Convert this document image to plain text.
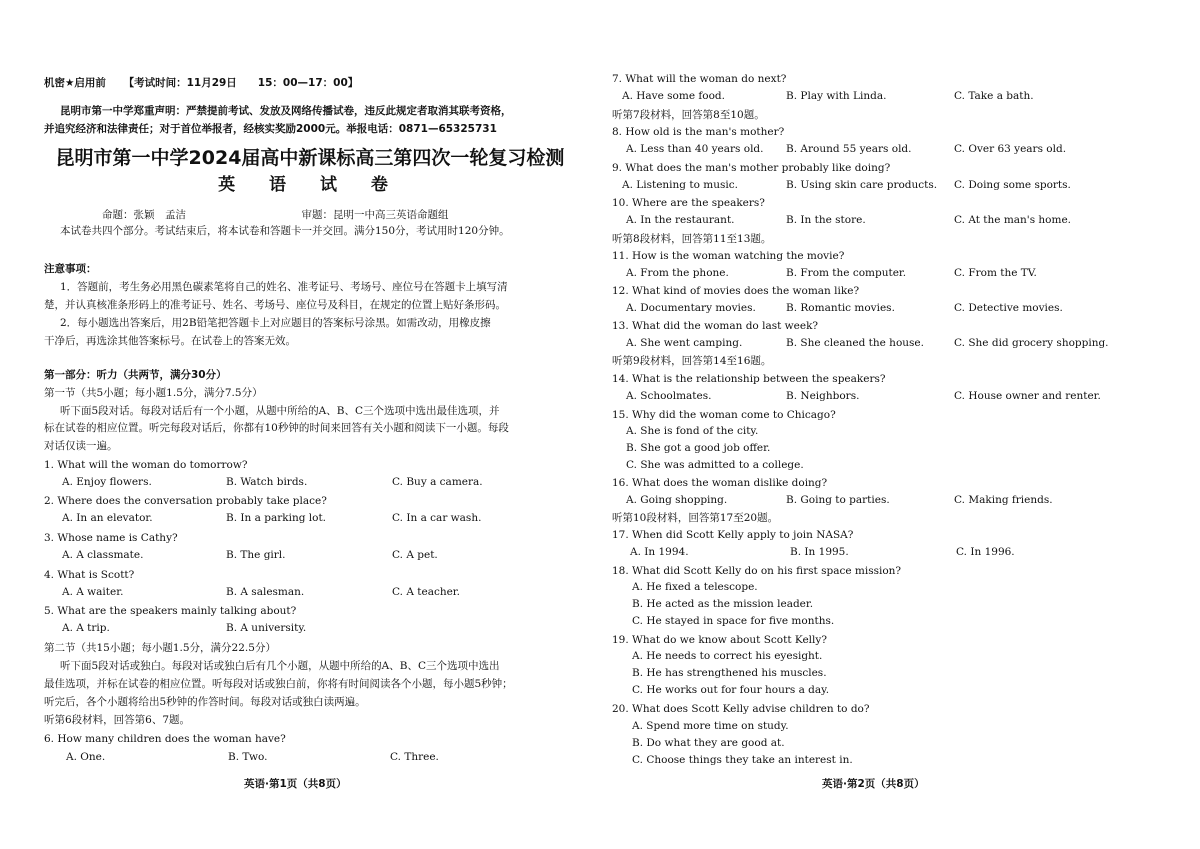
机密★启用前 【考试时间：11月29日　　15：00—17：00】
昆明市第一中学郑重声明：严禁提前考试、发放及网络传播试卷，违反此规定者取消其联考资格，
并追究经济和法律责任；对于首位举报者，经核实奖励2000元。举报电话：0871—65325731
昆明市第一中学2024届高中新课标高三第四次一轮复习检测
英 语 试 卷
命题：张颖　孟洁　　　　　　　　　　　审题：昆明一中高三英语命题组
本试卷共四个部分。考试结束后，将本试卷和答题卡一并交回。满分150分，考试用时120分钟。
注意事项：
1．答题前，考生务必用黑色碳素笔将自己的姓名、准考证号、考场号、座位号在答题卡上填写清
楚，并认真核准条形码上的准考证号、姓名、考场号、座位号及科目，在规定的位置上贴好条形码。
2．每小题选出答案后，用2B铅笔把答题卡上对应题目的答案标号涂黑。如需改动，用橡皮擦
干净后，再选涂其他答案标号。在试卷上的答案无效。
第一部分：听力（共两节，满分30分）
第一节（共5小题；每小题1.5分，满分7.5分）
听下面5段对话。每段对话后有一个小题，从题中所给的A、B、C三个选项中选出最佳选项，并
标在试卷的相应位置。听完每段对话后，你都有10秒钟的时间来回答有关小题和阅读下一小题。每段
对话仅读一遍。
1. What will the woman do tomorrow?
A. Enjoy flowers.	B. Watch birds.	C. Buy a camera.
2. Where does the conversation probably take place?
A. In an elevator.	B. In a parking lot.	C. In a car wash.
3. Whose name is Cathy?
A. A classmate.	B. The girl.	C. A pet.
4. What is Scott?
A. A waiter.	B. A salesman.	C. A teacher.
5. What are the speakers mainly talking about?
A. A trip.	B. A university.
第二节（共15小题；每小题1.5分，满分22.5分）
听下面5段对话或独白。每段对话或独白后有几个小题，从题中所给的A、B、C三个选项中选出
最佳选项，并标在试卷的相应位置。听每段对话或独白前，你将有时间阅读各个小题，每小题5秒钟；
听完后，各个小题将给出5秒钟的作答时间。每段对话或独白读两遍。
听第6段材料，回答第6、7题。
6. How many children does the woman have?
A. One.	B. Two.	C. Three.
英语·第1页（共8页）
7. What will the woman do next?
A. Have some food.	B. Play with Linda.	C. Take a bath.
听第7段材料，回答第8至10题。
8. How old is the man's mother?
A. Less than 40 years old. B. Around 55 years old.	C. Over 63 years old.
9. What does the man's mother probably like doing?
A. Listening to music.	B. Using skin care products. C. Doing some sports.
10. Where are the speakers?
A. In the restaurant.	B. In the store.	C. At the man's home.
听第8段材料，回答第11至13题。
11. How is the woman watching the movie?
A. From the phone.	B. From the computer.	C. From the TV.
12. What kind of movies does the woman like?
A. Documentary movies.	B. Romantic movies.	C. Detective movies.
13. What did the woman do last week?
A. She went camping.	B. She cleaned the house.	C. She did grocery shopping.
听第9段材料，回答第14至16题。
14. What is the relationship between the speakers?
A. Schoolmates.	B. Neighbors.	C. House owner and renter.
15. Why did the woman come to Chicago?
A. She is fond of the city.
B. She got a good job offer.
C. She was admitted to a college.
16. What does the woman dislike doing?
A. Going shopping.	B. Going to parties.	C. Making friends.
听第10段材料，回答第17至20题。
17. When did Scott Kelly apply to join NASA?
A. In 1994.	B. In 1995.	C. In 1996.
18. What did Scott Kelly do on his first space mission?
A. He fixed a telescope.
B. He acted as the mission leader.
C. He stayed in space for five months.
19. What do we know about Scott Kelly?
A. He needs to correct his eyesight.
B. He has strengthened his muscles.
C. He works out for four hours a day.
20. What does Scott Kelly advise children to do?
A. Spend more time on study.
B. Do what they are good at.
C. Choose things they take an interest in.
英语·第2页（共8页）
